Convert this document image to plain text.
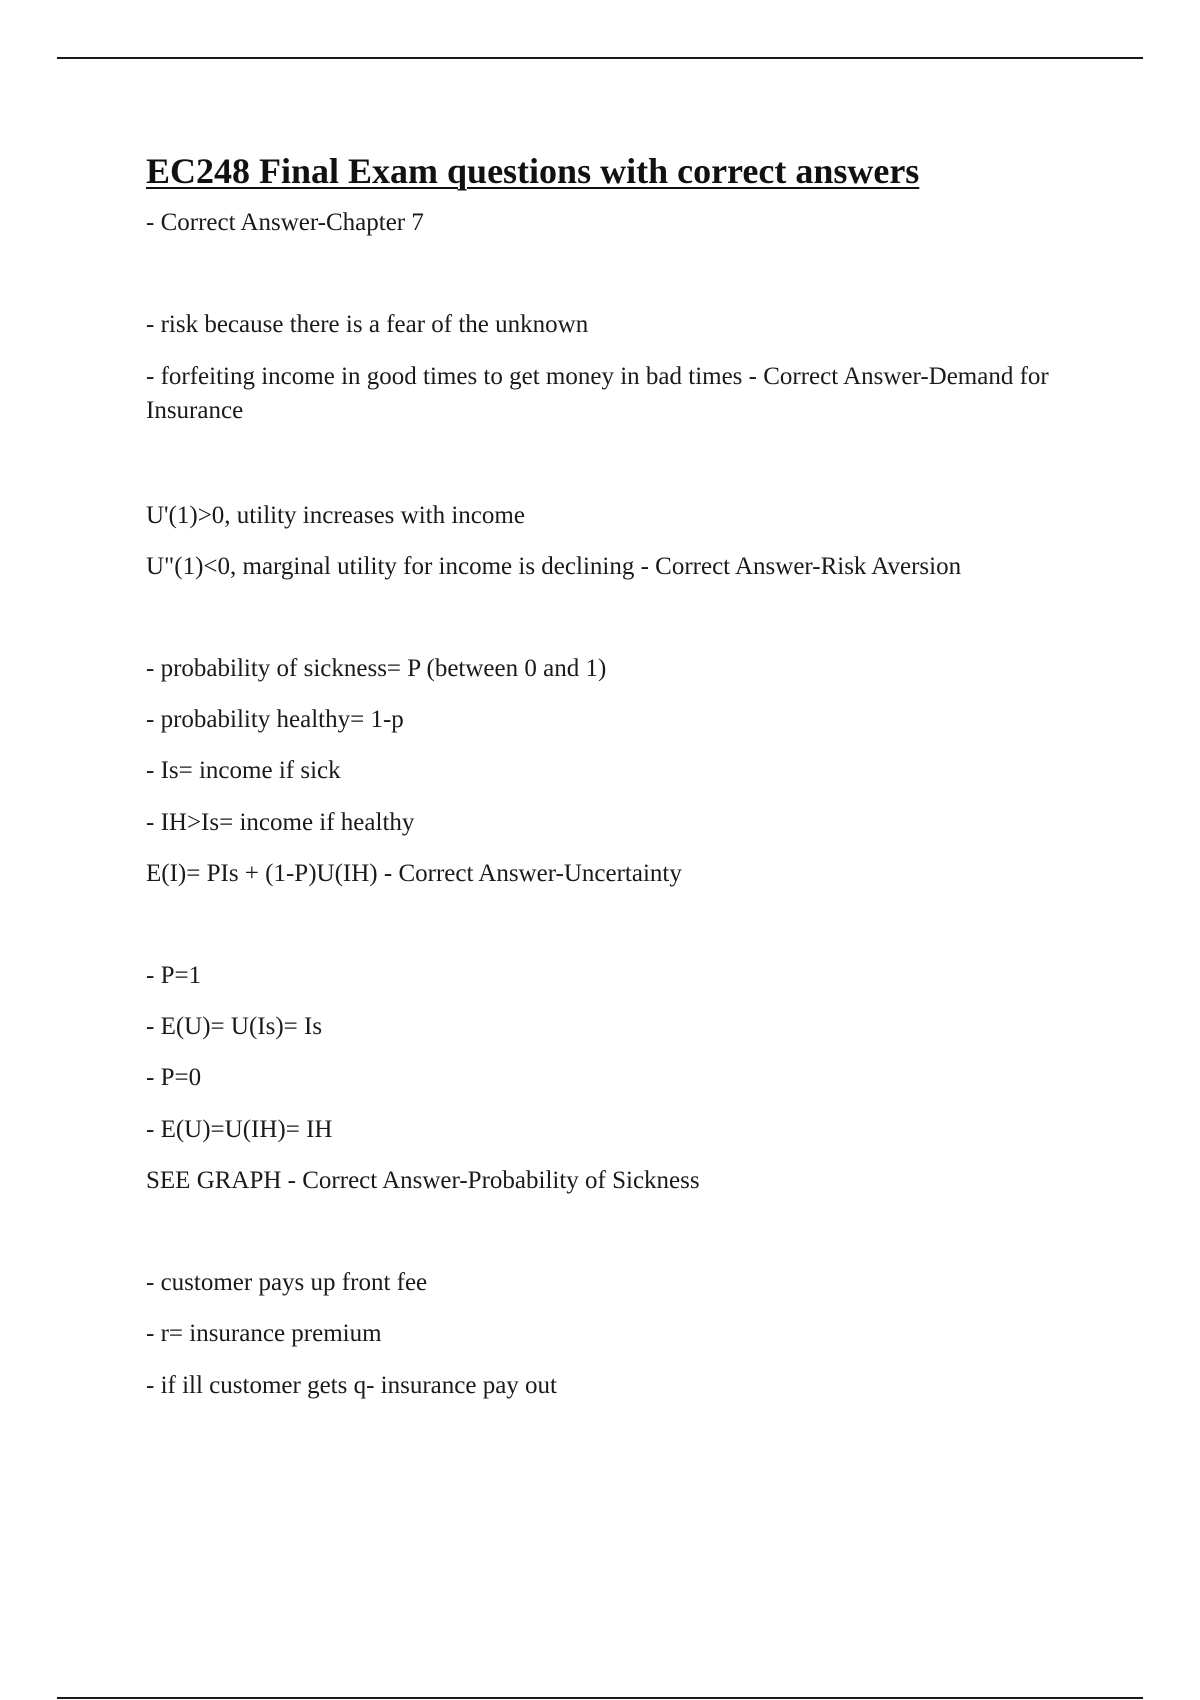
EC248 Final Exam questions with correct answers

- Correct Answer-Chapter 7

- risk because there is a fear of the unknown

- forfeiting income in good times to get money in bad times - Correct Answer-Demand for Insurance

U'(1)>0, utility increases with income

U"(1)<0, marginal utility for income is declining - Correct Answer-Risk Aversion

- probability of sickness= P (between 0 and 1)

- probability healthy= 1-p

- Is= income if sick

- IH>Is= income if healthy

E(I)= PIs + (1-P)U(IH) - Correct Answer-Uncertainty

- P=1

- E(U)= U(Is)= Is

- P=0

- E(U)=U(IH)= IH

SEE GRAPH - Correct Answer-Probability of Sickness

- customer pays up front fee

- r= insurance premium

- if ill customer gets q- insurance pay out
